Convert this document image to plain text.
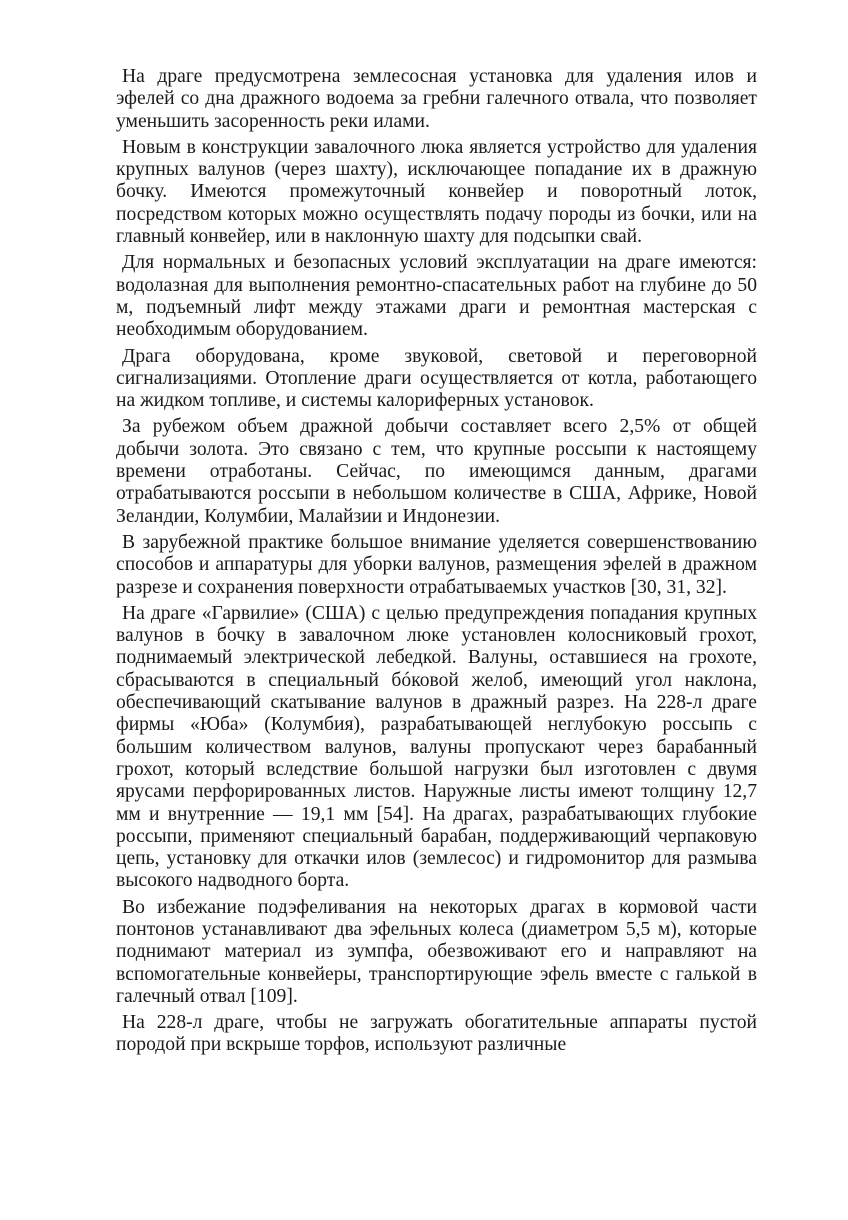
На драге предусмотрена землесосная установка для удаления илов и эфелей со дна дражного водоема за гребни галечного отвала, что позволяет уменьшить засоренность реки илами.

Новым в конструкции завалочного люка является устройство для удаления крупных валунов (через шахту), исключающее попадание их в дражную бочку. Имеются промежуточный конвейер и поворотный лоток, посредством которых можно осуществлять подачу породы из бочки, или на главный конвейер, или в наклонную шахту для подсыпки свай.

Для нормальных и безопасных условий эксплуатации на драге имеются: водолазная для выполнения ремонтно-спасательных работ на глубине до 50 м, подъемный лифт между этажами драги и ремонтная мастерская с необходимым оборудованием.

Драга оборудована, кроме звуковой, световой и переговорной сигнализациями. Отопление драги осуществляется от котла, работающего на жидком топливе, и системы калориферных установок.

За рубежом объем дражной добычи составляет всего 2,5% от общей добычи золота. Это связано с тем, что крупные россыпи к настоящему времени отработаны. Сейчас, по имеющимся данным, драгами отрабатываются россыпи в небольшом количестве в США, Африке, Новой Зеландии, Колумбии, Малайзии и Индонезии.

В зарубежной практике большое внимание уделяется совершенствованию способов и аппаратуры для уборки валунов, размещения эфелей в дражном разрезе и сохранения поверхности отрабатываемых участков [30, 31, 32].

На драге «Гарвилие» (США) с целью предупреждения попадания крупных валунов в бочку в завалочном люке установлен колосниковый грохот, поднимаемый электрической лебедкой. Валуны, оставшиеся на грохоте, сбрасываются в специальный бóковой желоб, имеющий угол наклона, обеспечивающий скатывание валунов в дражный разрез. На 228-л драге фирмы «Юба» (Колумбия), разрабатывающей неглубокую россыпь с большим количеством валунов, валуны пропускают через барабанный грохот, который вследствие большой нагрузки был изготовлен с двумя ярусами перфорированных листов. Наружные листы имеют толщину 12,7 мм и внутренние — 19,1 мм [54]. На драгах, разрабатывающих глубокие россыпи, применяют специальный барабан, поддерживающий черпаковую цепь, установку для откачки илов (землесос) и гидромонитор для размыва высокого надводного борта.

Во избежание подэфеливания на некоторых драгах в кормовой части понтонов устанавливают два эфельных колеса (диаметром 5,5 м), которые поднимают материал из зумпфа, обезвоживают его и направляют на вспомогательные конвейеры, транспортирующие эфель вместе с галькой в галечный отвал [109].

На 228-л драге, чтобы не загружать обогатительные аппараты пустой породой при вскрыше торфов, используют различные
